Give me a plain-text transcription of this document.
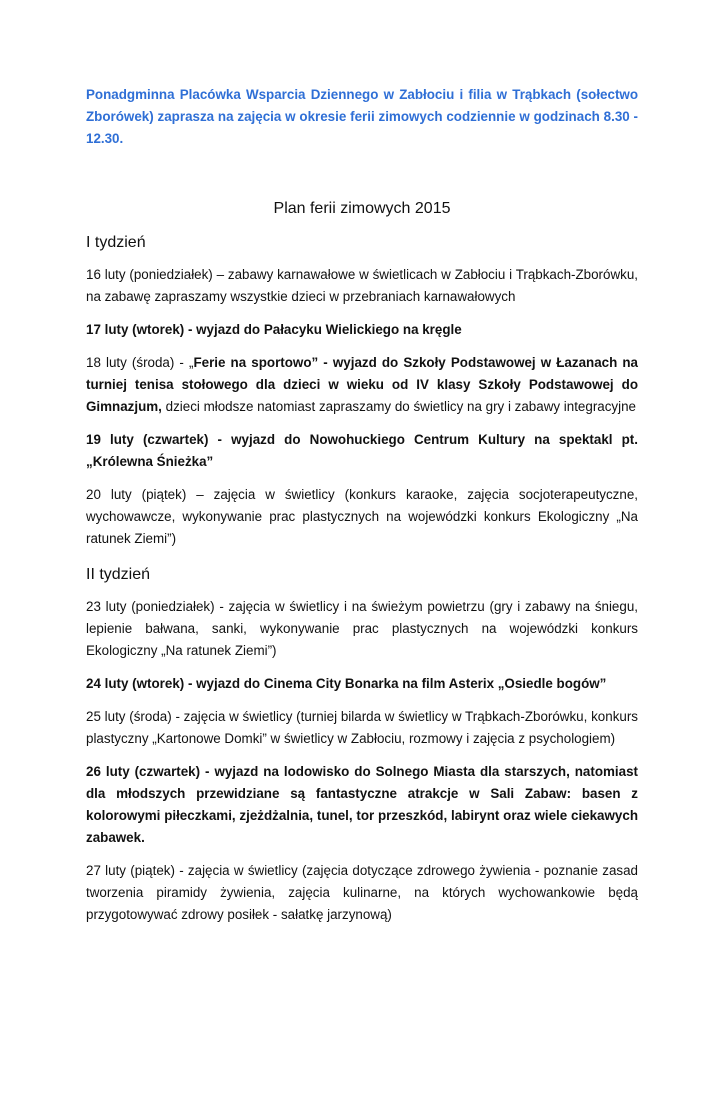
Ponadgminna Placówka Wsparcia Dziennego w Zabłociu i filia w Trąbkach (sołectwo Zborówek) zaprasza na zajęcia w okresie ferii zimowych codziennie w godzinach 8.30 - 12.30.

Plan ferii zimowych 2015
I tydzień

16 luty (poniedziałek) – zabawy karnawałowe w świetlicach w Zabłociu i Trąbkach-Zborówku, na zabawę zapraszamy wszystkie dzieci w przebraniach karnawałowych

17 luty (wtorek) - wyjazd do Pałacyku Wielickiego na kręgle

18 luty (środa) - „Ferie na sportowo” - wyjazd do Szkoły Podstawowej w Łazanach na turniej tenisa stołowego dla dzieci w wieku od IV klasy Szkoły Podstawowej do Gimnazjum, dzieci młodsze natomiast zapraszamy do świetlicy na gry i zabawy integracyjne

19 luty (czwartek) - wyjazd do Nowohuckiego Centrum Kultury na spektakl pt.„Królewna Śnieżka”

20 luty (piątek) – zajęcia w świetlicy (konkurs karaoke, zajęcia socjoterapeutyczne, wychowawcze, wykonywanie prac plastycznych na wojewódzki konkurs Ekologiczny „Na ratunek Ziemi”)

II tydzień

23 luty (poniedziałek) - zajęcia w świetlicy i na świeżym powietrzu (gry i zabawy na śniegu, lepienie bałwana, sanki, wykonywanie prac plastycznych na wojewódzki konkurs Ekologiczny „Na ratunek Ziemi”)

24 luty (wtorek) - wyjazd do Cinema City Bonarka na film Asterix „Osiedle bogów”

25 luty (środa) - zajęcia w świetlicy (turniej bilarda w świetlicy w Trąbkach-Zborówku, konkurs plastyczny „Kartonowe Domki” w świetlicy w Zabłociu, rozmowy i zajęcia z psychologiem)

26 luty (czwartek) - wyjazd na lodowisko do Solnego Miasta dla starszych, natomiast dla młodszych przewidziane są fantastyczne atrakcje w Sali Zabaw: basen z kolorowymi piłeczkami, zjeżdżalnia, tunel, tor przeszkód, labirynt oraz wiele ciekawych zabawek.

27 luty (piątek) - zajęcia w świetlicy (zajęcia dotyczące zdrowego żywienia - poznanie zasad tworzenia piramidy żywienia, zajęcia kulinarne, na których wychowankowie będą przygotowywać zdrowy posiłek - sałatkę jarzynową)
